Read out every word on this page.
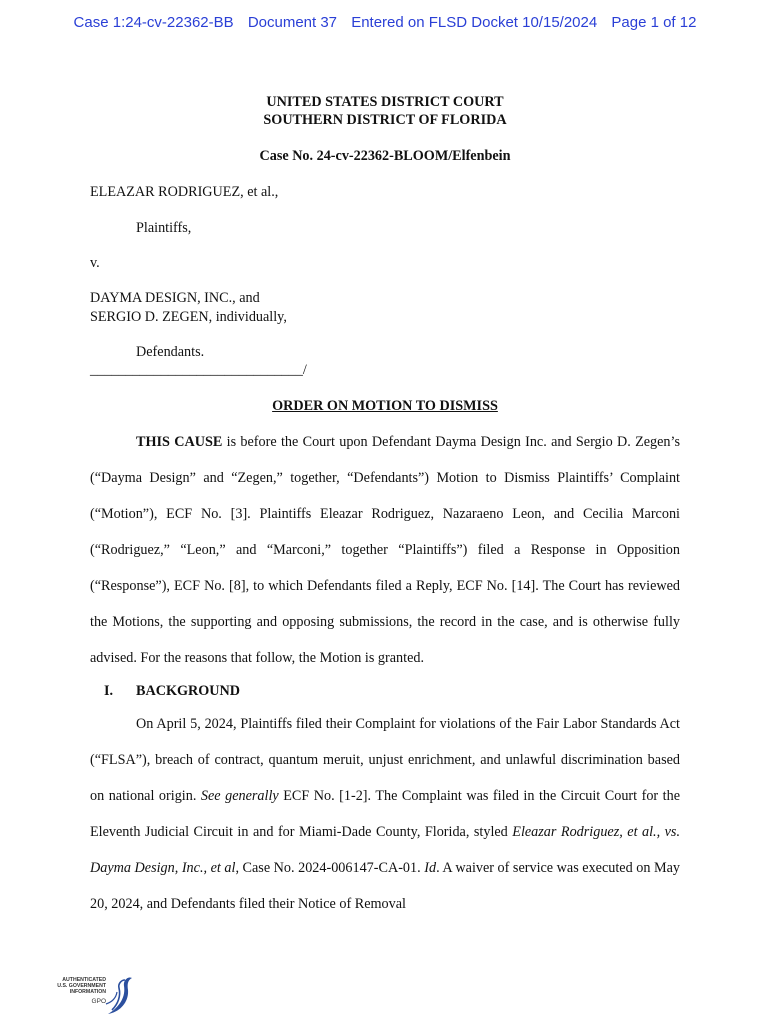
Case 1:24-cv-22362-BB Document 37 Entered on FLSD Docket 10/15/2024 Page 1 of 12
UNITED STATES DISTRICT COURT
SOUTHERN DISTRICT OF FLORIDA
Case No. 24-cv-22362-BLOOM/Elfenbein
ELEAZAR RODRIGUEZ, et al.,
Plaintiffs,
v.
DAYMA DESIGN, INC., and
SERGIO D. ZEGEN, individually,
Defendants.
______________________________/
ORDER ON MOTION TO DISMISS
THIS CAUSE is before the Court upon Defendant Dayma Design Inc. and Sergio D. Zegen’s (“Dayma Design” and “Zegen,” together, “Defendants”) Motion to Dismiss Plaintiffs’ Complaint (“Motion”), ECF No. [3]. Plaintiffs Eleazar Rodriguez, Nazaraeno Leon, and Cecilia Marconi (“Rodriguez,” “Leon,” and “Marconi,” together “Plaintiffs”) filed a Response in Opposition (“Response”), ECF No. [8], to which Defendants filed a Reply, ECF No. [14]. The Court has reviewed the Motions, the supporting and opposing submissions, the record in the case, and is otherwise fully advised. For the reasons that follow, the Motion is granted.
I. BACKGROUND
On April 5, 2024, Plaintiffs filed their Complaint for violations of the Fair Labor Standards Act (“FLSA”), breach of contract, quantum meruit, unjust enrichment, and unlawful discrimination based on national origin. See generally ECF No. [1-2]. The Complaint was filed in the Circuit Court for the Eleventh Judicial Circuit in and for Miami-Dade County, Florida, styled Eleazar Rodriguez, et al., vs. Dayma Design, Inc., et al, Case No. 2024-006147-CA-01. Id. A waiver of service was executed on May 20, 2024, and Defendants filed their Notice of Removal
AUTHENTICATED
U.S. GOVERNMENT
INFORMATION
GPO
